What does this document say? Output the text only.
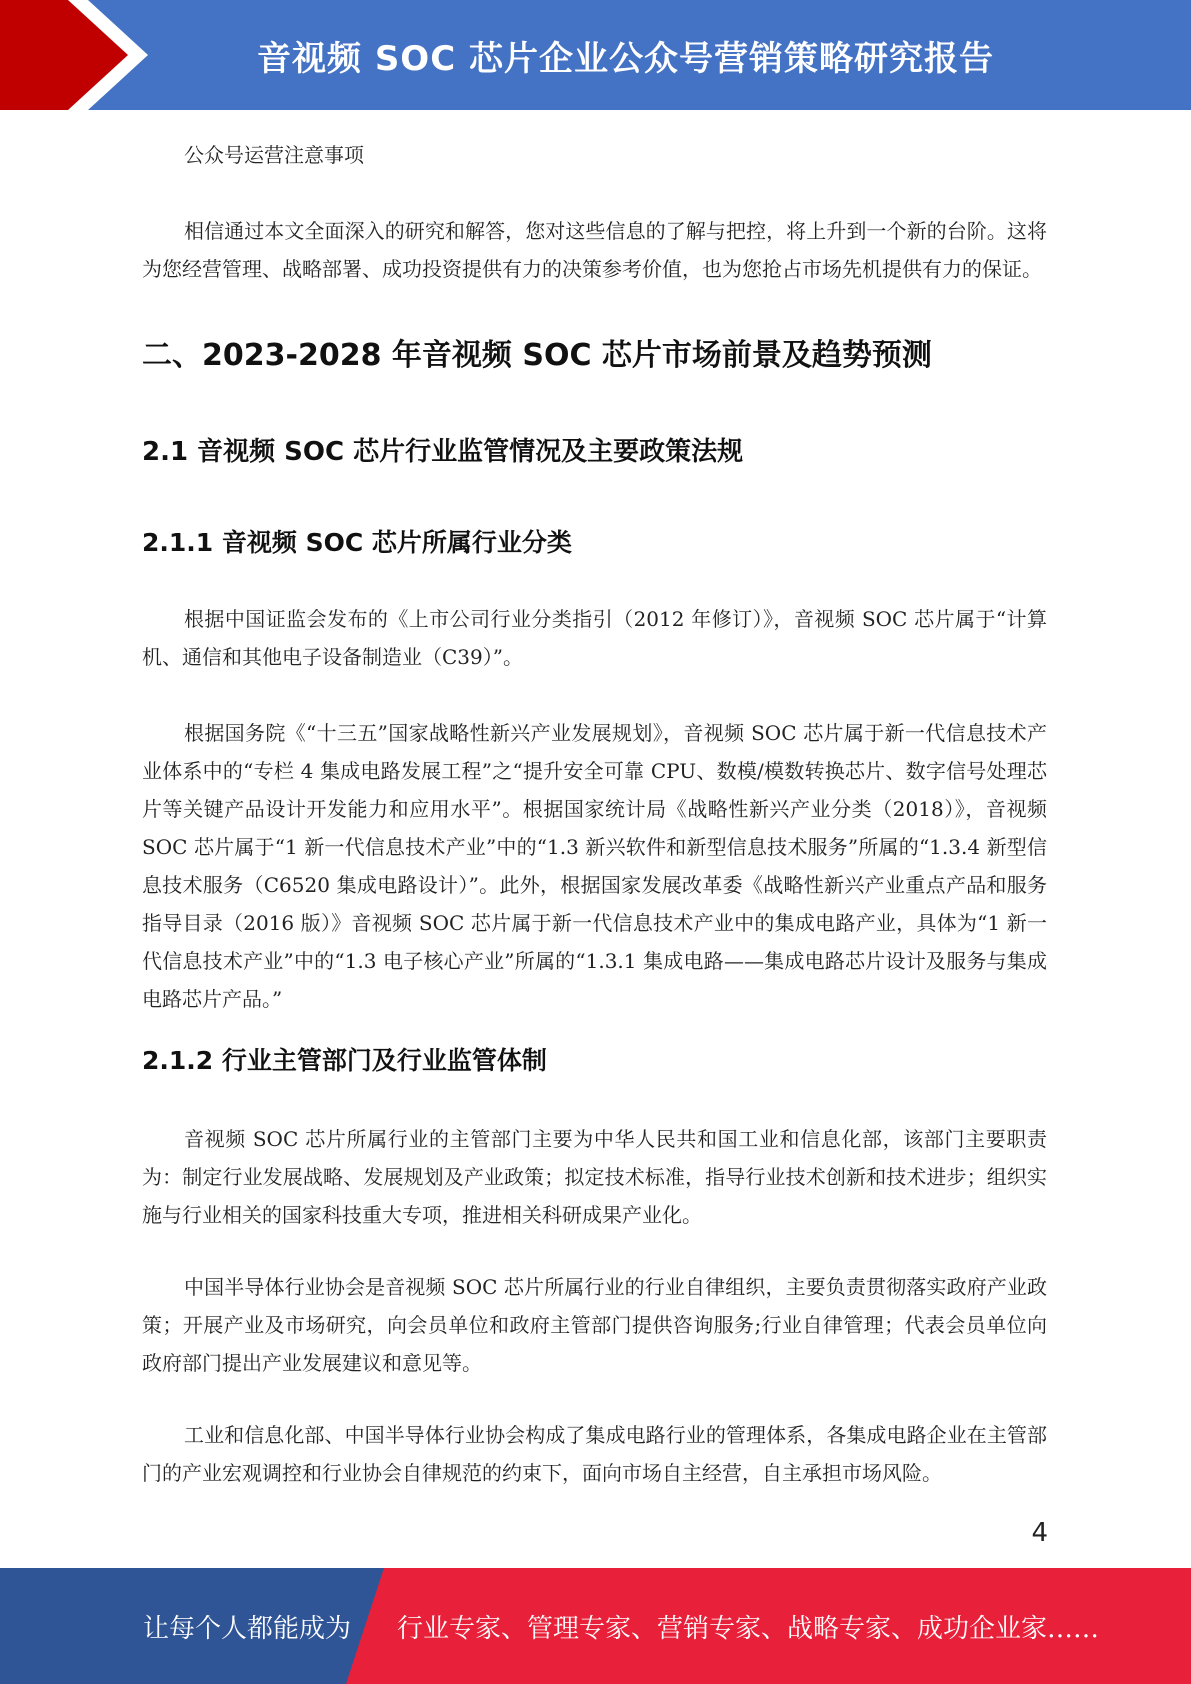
音视频 SOC 芯片企业公众号营销策略研究报告

公众号运营注意事项

相信通过本文全面深入的研究和解答，您对这些信息的了解与把控，将上升到一个新的台阶。这将为您经营管理、战略部署、成功投资提供有力的决策参考价值，也为您抢占市场先机提供有力的保证。

二、2023-2028 年音视频 SOC 芯片市场前景及趋势预测
2.1 音视频 SOC 芯片行业监管情况及主要政策法规
2.1.1 音视频 SOC 芯片所属行业分类

根据中国证监会发布的《上市公司行业分类指引（2012 年修订）》，音视频 SOC 芯片属于“计算机、通信和其他电子设备制造业（C39）”。

根据国务院《“十三五”国家战略性新兴产业发展规划》，音视频 SOC 芯片属于新一代信息技术产业体系中的“专栏 4 集成电路发展工程”之“提升安全可靠 CPU、数模/模数转换芯片、数字信号处理芯片等关键产品设计开发能力和应用水平”。根据国家统计局《战略性新兴产业分类（2018）》，音视频 SOC 芯片属于“1 新一代信息技术产业”中的“1.3 新兴软件和新型信息技术服务”所属的“1.3.4 新型信息技术服务（C6520 集成电路设计）”。此外，根据国家发展改革委《战略性新兴产业重点产品和服务指导目录（2016 版）》音视频 SOC 芯片属于新一代信息技术产业中的集成电路产业，具体为“1 新一代信息技术产业”中的“1.3 电子核心产业”所属的“1.3.1 集成电路——集成电路芯片设计及服务与集成电路芯片产品。”

2.1.2 行业主管部门及行业监管体制

音视频 SOC 芯片所属行业的主管部门主要为中华人民共和国工业和信息化部，该部门主要职责为：制定行业发展战略、发展规划及产业政策；拟定技术标准，指导行业技术创新和技术进步；组织实施与行业相关的国家科技重大专项，推进相关科研成果产业化。

中国半导体行业协会是音视频 SOC 芯片所属行业的行业自律组织，主要负责贯彻落实政府产业政策；开展产业及市场研究，向会员单位和政府主管部门提供咨询服务;行业自律管理；代表会员单位向政府部门提出产业发展建议和意见等。

工业和信息化部、中国半导体行业协会构成了集成电路行业的管理体系，各集成电路企业在主管部门的产业宏观调控和行业协会自律规范的约束下，面向市场自主经营，自主承担市场风险。

4
让每个人都能成为 行业专家、管理专家、营销专家、战略专家、成功企业家……
